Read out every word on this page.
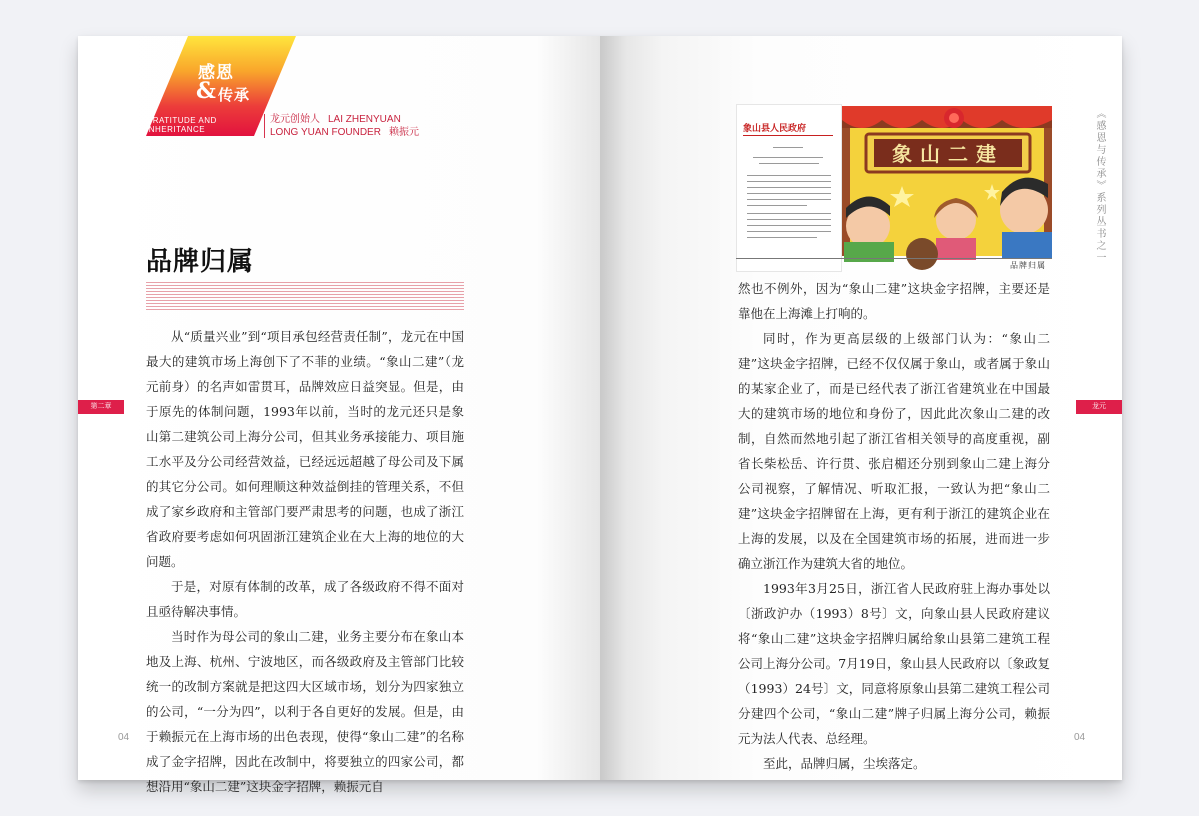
感恩
& 传承
GRATITUDE AND
INHERITANCE
龙元创始人 LAI ZHENYUAN
LONG YUAN FOUNDER 赖振元
品牌归属
第二章

从“质量兴业”到“项目承包经营责任制”，龙元在中国最大的建筑市场上海创下了不菲的业绩。“象山二建”（龙元前身）的名声如雷贯耳，品牌效应日益突显。但是，由于原先的体制问题，1993年以前，当时的龙元还只是象山第二建筑公司上海分公司，但其业务承接能力、项目施工水平及分公司经营效益，已经远远超越了母公司及下属的其它分公司。如何理顺这种效益倒挂的管理关系，不但成了家乡政府和主管部门要严肃思考的问题，也成了浙江省政府要考虑如何巩固浙江建筑企业在大上海的地位的大问题。

于是，对原有体制的改革，成了各级政府不得不面对且亟待解决事情。

当时作为母公司的象山二建，业务主要分布在象山本地及上海、杭州、宁波地区，而各级政府及主管部门比较统一的改制方案就是把这四大区域市场，划分为四家独立的公司，“一分为四”，以利于各自更好的发展。但是，由于赖振元在上海市场的出色表现，使得“象山二建”的名称成了金字招牌，因此在改制中，将要独立的四家公司，都想沿用“象山二建”这块金字招牌，赖振元自

04
《感恩与传承》系列丛书之一
龙元
象山县人民政府
象山二建
品牌归属

然也不例外，因为“象山二建”这块金字招牌，主要还是靠他在上海滩上打响的。

同时，作为更高层级的上级部门认为：“象山二建”这块金字招牌，已经不仅仅属于象山，或者属于象山的某家企业了，而是已经代表了浙江省建筑业在中国最大的建筑市场的地位和身份了，因此此次象山二建的改制，自然而然地引起了浙江省相关领导的高度重视，副省长柴松岳、许行贯、张启楣还分别到象山二建上海分公司视察，了解情况、听取汇报，一致认为把“象山二建”这块金字招牌留在上海，更有利于浙江的建筑企业在上海的发展，以及在全国建筑市场的拓展，进而进一步确立浙江作为建筑大省的地位。

1993年3月25日，浙江省人民政府驻上海办事处以〔浙政沪办（1993）8号〕文，向象山县人民政府建议将“象山二建”这块金字招牌归属给象山县第二建筑工程公司上海分公司。7月19日，象山县人民政府以〔象政复（1993）24号〕文，同意将原象山县第二建筑工程公司分建四个公司，“象山二建”牌子归属上海分公司，赖振元为法人代表、总经理。

至此，品牌归属，尘埃落定。

04
